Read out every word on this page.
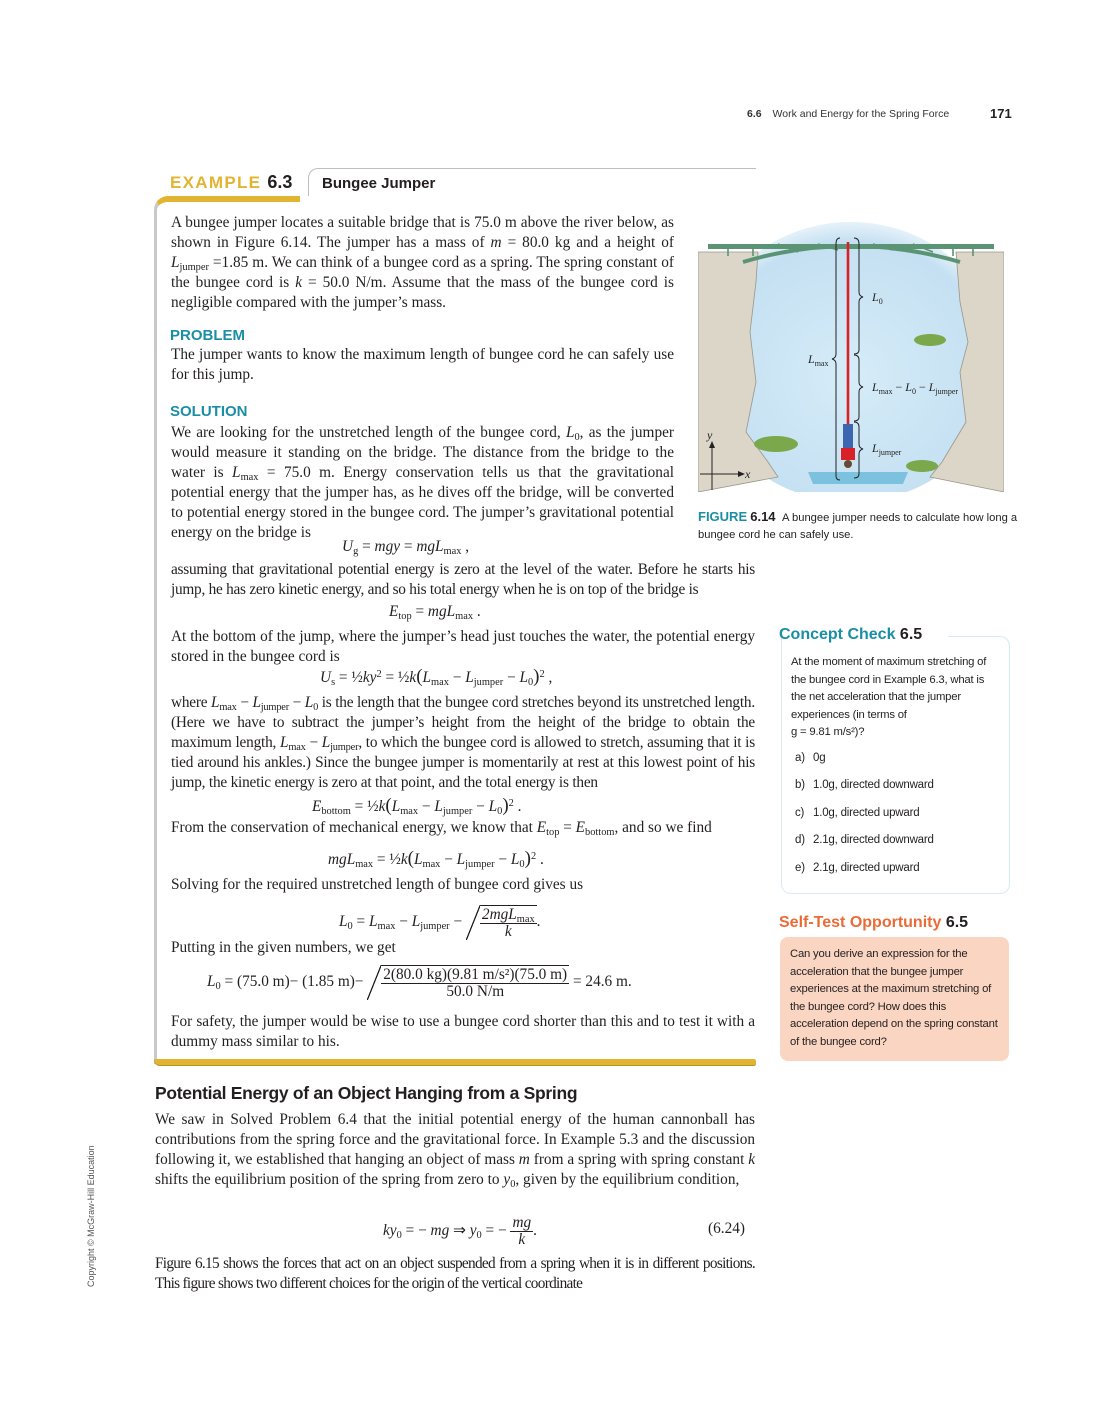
6.6 Work and Energy for the Spring Force	171
EXAMPLE 6.3 Bungee Jumper
A bungee jumper locates a suitable bridge that is 75.0 m above the river below, as shown in Figure 6.14. The jumper has a mass of m = 80.0 kg and a height of $L_{jumper} =1.85$ m. We can think of a bungee cord as a spring. The spring constant of the bungee cord is k = 50.0 N/m. Assume that the mass of the bungee cord is negligible compared with the jumper’s mass.
PROBLEM
The jumper wants to know the maximum length of bungee cord he can safely use for this jump.
SOLUTION
We are looking for the unstretched length of the bungee cord, $L_0$, as the jumper would measure it standing on the bridge. The distance from the bridge to the water is $L_{max} = 75.0$ m. Energy conservation tells us that the gravitational potential energy that the jumper has, as he dives off the bridge, will be converted to potential energy stored in the bungee cord. The jumper’s gravitational potential energy on the bridge is
$U_g$ = mgy = mgL$_{max}$ ,
assuming that gravitational potential energy is zero at the level of the water. Before he starts his jump, he has zero kinetic energy, and so his total energy when he is on top of the bridge is
$E_{top} = mgL_{max}$ .
At the bottom of the jump, where the jumper’s head just touches the water, the potential energy stored in the bungee cord is
$U_s$ = $\frac{1}{2}ky^2$ = $\frac{1}{2}k(L_{max} - L_{jumper} - L_0)^2$ ,
where $L_{max} - L_{jumper} - L_0$ is the length that the bungee cord stretches beyond its unstretched length. (Here we have to subtract the jumper’s height from the height of the bridge to obtain the maximum length, $L_{max} - L_{jumper}$, to which the bungee cord is allowed to stretch, assuming that it is tied around his ankles.) Since the bungee jumper is momentarily at rest at this lowest point of his jump, the kinetic energy is zero at that point, and the total energy is then
$E_{bottom}$ = $\frac{1}{2}k(L_{max} - L_{jumper} - L_0)^2$ .
From the conservation of mechanical energy, we know that $E_{top} = E_{bottom}$, and so we find
$mgL_{max} = \frac{1}{2}k(L_{max} - L_{jumper} - L_0)^2$ .
Solving for the required unstretched length of bungee cord gives us
$L_0 = L_{max} - L_{jumper} - \frac{2mgL_{max}}{k}$ .
Putting in the given numbers, we get
$L_0 = (75.0$ m)− (1.85 $m)- \frac{\text{2(80.0 kg)(9.81 m/s²)(75.0 m)}}{50.0 N/m} = 24.6$ m.
For safety, the jumper would be wise to use a bungee cord shorter than this and to test it with a dummy mass similar to his.
$L_0$
$L_{max}$
$L_{max} - L_0 - L_{jumper}$
$L_{jumper}$
y
x
FIGURE 6.14 A bungee jumper needs to calculate how long a bungee cord he can safely use.
Concept Check 6.5
At the moment of maximum stretching of the bungee cord in Example 6.3, what is the net acceleration that the jumper experiences (in terms of
g = 9.81 m/s²)?
a) 0g
b) 1.0g, directed downward
c) 1.0g, directed upward
d) 2.1g, directed downward
e) 2.1g, directed upward
Self-Test Opportunity 6.5
Can you derive an expression for the acceleration that the bungee jumper experiences at the maximum stretching of the bungee cord? How does this acceleration depend on the spring constant of the bungee cord?
Potential Energy of an Object Hanging from a Spring
We saw in Solved Problem 6.4 that the initial potential energy of the human cannonball has contributions from the spring force and the gravitational force. In Example 5.3 and the discussion following it, we established that hanging an object of mass m from a spring with spring constant k shifts the equilibrium position of the spring from zero to $y_0$, given by the equilibrium condition,
$ky_0$ = − mg ⇒ $y_0$ = − $\frac{mg}{k}$ .	(6.24)
Figure 6.15 shows the forces that act on an object suspended from a spring when it is in different positions. This figure shows two different choices for the origin of the vertical coordinate
Copyright © McGraw-Hill Education
